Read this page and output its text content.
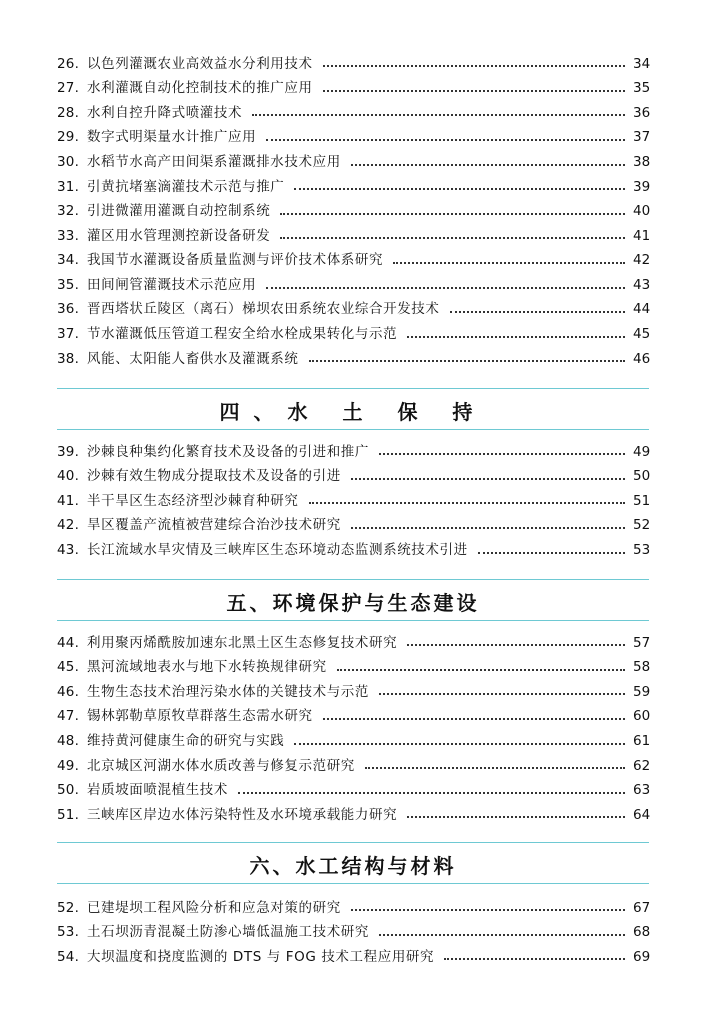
26. 以色列灌溉农业高效益水分利用技术	34
27. 水利灌溉自动化控制技术的推广应用	35
28. 水利自控升降式喷灌技术	36
29. 数字式明渠量水计推广应用	37
30. 水稻节水高产田间渠系灌溉排水技术应用	38
31. 引黄抗堵塞滴灌技术示范与推广	39
32. 引进微灌用灌溉自动控制系统	40
33. 灌区用水管理测控新设备研发	41
34. 我国节水灌溉设备质量监测与评价技术体系研究	42
35. 田间闸管灌溉技术示范应用	43
36. 晋西塔状丘陵区（离石）梯坝农田系统农业综合开发技术	44
37. 节水灌溉低压管道工程安全给水栓成果转化与示范	45
38. 风能、太阳能人畜供水及灌溉系统	46
四、水 土 保 持
39. 沙棘良种集约化繁育技术及设备的引进和推广	49
40. 沙棘有效生物成分提取技术及设备的引进	50
41. 半干旱区生态经济型沙棘育种研究	51
42. 旱区覆盖产流植被营建综合治沙技术研究	52
43. 长江流域水旱灾情及三峡库区生态环境动态监测系统技术引进	53
五、环境保护与生态建设
44. 利用聚丙烯酰胺加速东北黑土区生态修复技术研究	57
45. 黑河流域地表水与地下水转换规律研究	58
46. 生物生态技术治理污染水体的关键技术与示范	59
47. 锡林郭勒草原牧草群落生态需水研究	60
48. 维持黄河健康生命的研究与实践	61
49. 北京城区河湖水体水质改善与修复示范研究	62
50. 岩质坡面喷混植生技术	63
51. 三峡库区岸边水体污染特性及水环境承载能力研究	64
六、水工结构与材料
52. 已建堤坝工程风险分析和应急对策的研究	67
53. 土石坝沥青混凝土防渗心墙低温施工技术研究	68
54. 大坝温度和挠度监测的 DTS 与 FOG 技术工程应用研究	69
